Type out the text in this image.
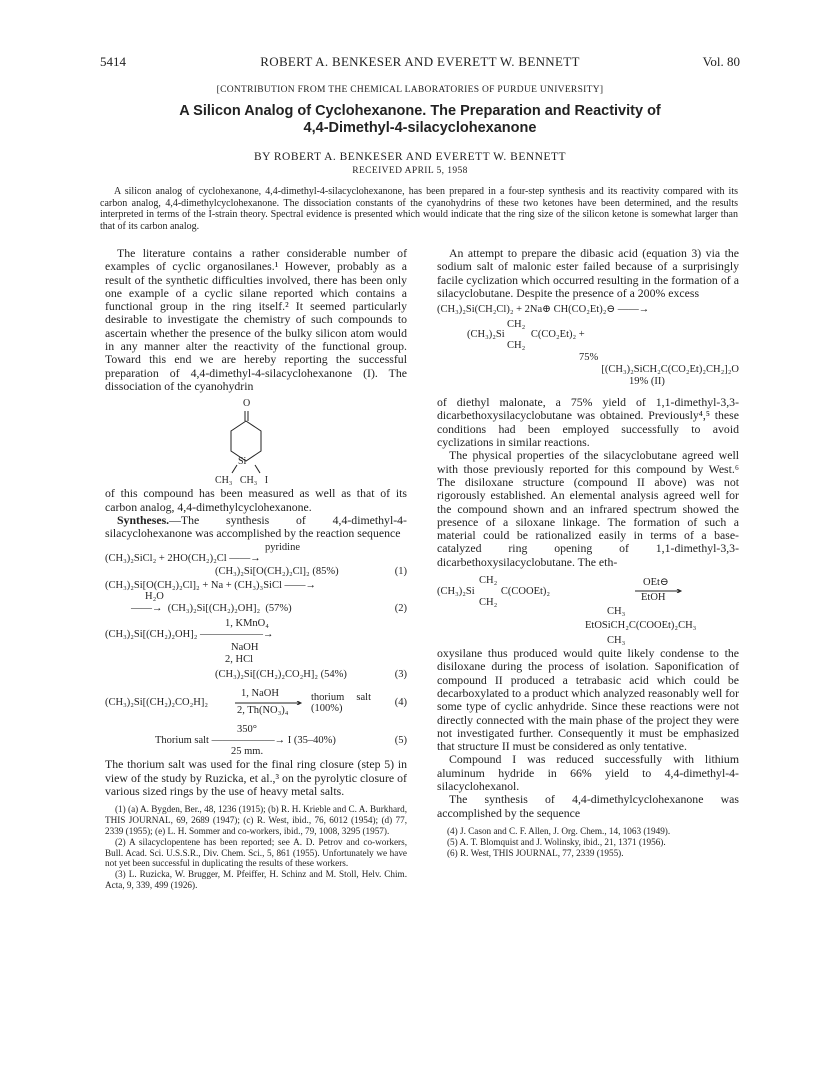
5414	ROBERT A. BENKESER AND EVERETT W. BENNETT	Vol. 80
[CONTRIBUTION FROM THE CHEMICAL LABORATORIES OF PURDUE UNIVERSITY]
A Silicon Analog of Cyclohexanone. The Preparation and Reactivity of
4,4-Dimethyl-4-silacyclohexanone
BY ROBERT A. BENKESER AND EVERETT W. BENNETT
RECEIVED APRIL 5, 1958
A silicon analog of cyclohexanone, 4,4-dimethyl-4-silacyclohexanone, has been prepared in a four-step synthesis and its reactivity compared with its carbon analog, 4,4-dimethylcyclohexanone. The dissociation constants of the cyanohydrins of these two ketones have been determined, and the results interpreted in terms of the I-strain theory. Spectral evidence is presented which would indicate that the ring size of the silicon ketone is somewhat larger than that of its carbon analog.

The literature contains a rather considerable number of examples of cyclic organosilanes.¹ However, probably as a result of the synthetic difficulties involved, there has been only one example of a cyclic silane reported which contains a functional group in the ring itself.² It seemed particularly desirable to investigate the chemistry of such compounds to ascertain whether the presence of the bulky silicon atom would in any manner alter the reactivity of the functional group. Toward this end we are hereby reporting the successful preparation of 4,4-dimethyl-4-silacyclohexanone (I). The dissociation of the cyanohydrin

O
Si
CH₃   CH₃   I

of this compound has been measured as well as that of its carbon analog, 4,4-dimethylcyclohexanone.

Syntheses.—The synthesis of 4,4-dimethyl-4-silacyclohexanone was accomplished by the reaction sequence

pyridine
(CH₃)₂SiCl₂ + 2HO(CH₂)₂Cl ——→
(CH₃)₂Si[O(CH₂)₂Cl]₂ (85%)	(1)
(CH₃)₂Si[O(CH₂)₂Cl]₂ + Na + (CH₃)₃SiCl ——→
H₂O
——→  (CH₃)₂Si[(CH₂)₂OH]₂  (57%)	(2)
1, KMnO₄
(CH₃)₂Si[(CH₂)₂OH]₂ ——————→
NaOH
2, HCl
(CH₃)₂Si[(CH₂)₂CO₂H]₂ (54%)	(3)
(CH₃)₂Si[(CH₂)₂CO₂H]₂
1, NaOH
2, Th(NO₃)₄
thorium salt (100%)
(4)
350°
Thorium salt ——————→ I (35–40%)
25 mm.
(5)

The thorium salt was used for the final ring closure (step 5) in view of the study by Ruzicka, et al.,³ on the pyrolytic closure of various sized rings by the use of heavy metal salts.

(1) (a) A. Bygden, Ber., 48, 1236 (1915); (b) R. H. Krieble and C. A. Burkhard, THIS JOURNAL, 69, 2689 (1947); (c) R. West, ibid., 76, 6012 (1954); (d) 77, 2339 (1955); (e) L. H. Sommer and co-workers, ibid., 79, 1008, 3295 (1957).

(2) A silacyclopentene has been reported; see A. D. Petrov and co-workers, Bull. Acad. Sci. U.S.S.R., Div. Chem. Sci., 5, 861 (1955). Unfortunately we have not yet been successful in duplicating the results of these workers.

(3) L. Ruzicka, W. Brugger, M. Pfeiffer, H. Schinz and M. Stoll, Helv. Chim. Acta, 9, 339, 499 (1926).

An attempt to prepare the dibasic acid (equation 3) via the sodium salt of malonic ester failed because of a surprisingly facile cyclization which occurred resulting in the formation of a silacyclobutane. Despite the presence of a 200% excess

(CH₃)₂Si(CH₂Cl)₂ + 2Na⊕ CH(CO₂Et)₂⊖ ——→
CH₂
(CH₃)₂Si          C(CO₂Et)₂ +
CH₂
75%
[(CH₃)₂SiCH₂C(CO₂Et)₂CH₂]₂O
19% (II)

of diethyl malonate, a 75% yield of 1,1-dimethyl-3,3-dicarbethoxysilacyclobutane was obtained. Previously⁴,⁵ these conditions had been employed successfully to avoid cyclizations in similar reactions.

The physical properties of the silacyclobutane agreed well with those previously reported for this compound by West.⁶ The disiloxane structure (compound II above) was not rigorously established. An elemental analysis agreed well for the compound shown and an infrared spectrum showed the presence of a siloxane linkage. The formation of such a material could be rationalized easily in terms of a base-catalyzed ring opening of 1,1-dimethyl-3,3-dicarbethoxysilacyclobutane. The eth-

CH₂
(CH₃)₂Si          C(COOEt)₂
CH₂
OEt⊖
EtOH
CH₃
EtOSiCH₂C(COOEt)₂CH₃
CH₃

oxysilane thus produced would quite likely condense to the disiloxane during the process of isolation. Saponification of compound II produced a tetrabasic acid which could be decarboxylated to a product which analyzed reasonably well for some type of cyclic anhydride. Since these reactions were not directly connected with the main phase of the project they were not investigated further. Consequently it must be emphasized that structure II must be considered as only tentative.

Compound I was reduced successfully with lithium aluminum hydride in 66% yield to 4,4-dimethyl-4-silacyclohexanol.

The synthesis of 4,4-dimethylcyclohexanone was accomplished by the sequence

(4) J. Cason and C. F. Allen, J. Org. Chem., 14, 1063 (1949).

(5) A. T. Blomquist and J. Wolinsky, ibid., 21, 1371 (1956).

(6) R. West, THIS JOURNAL, 77, 2339 (1955).
